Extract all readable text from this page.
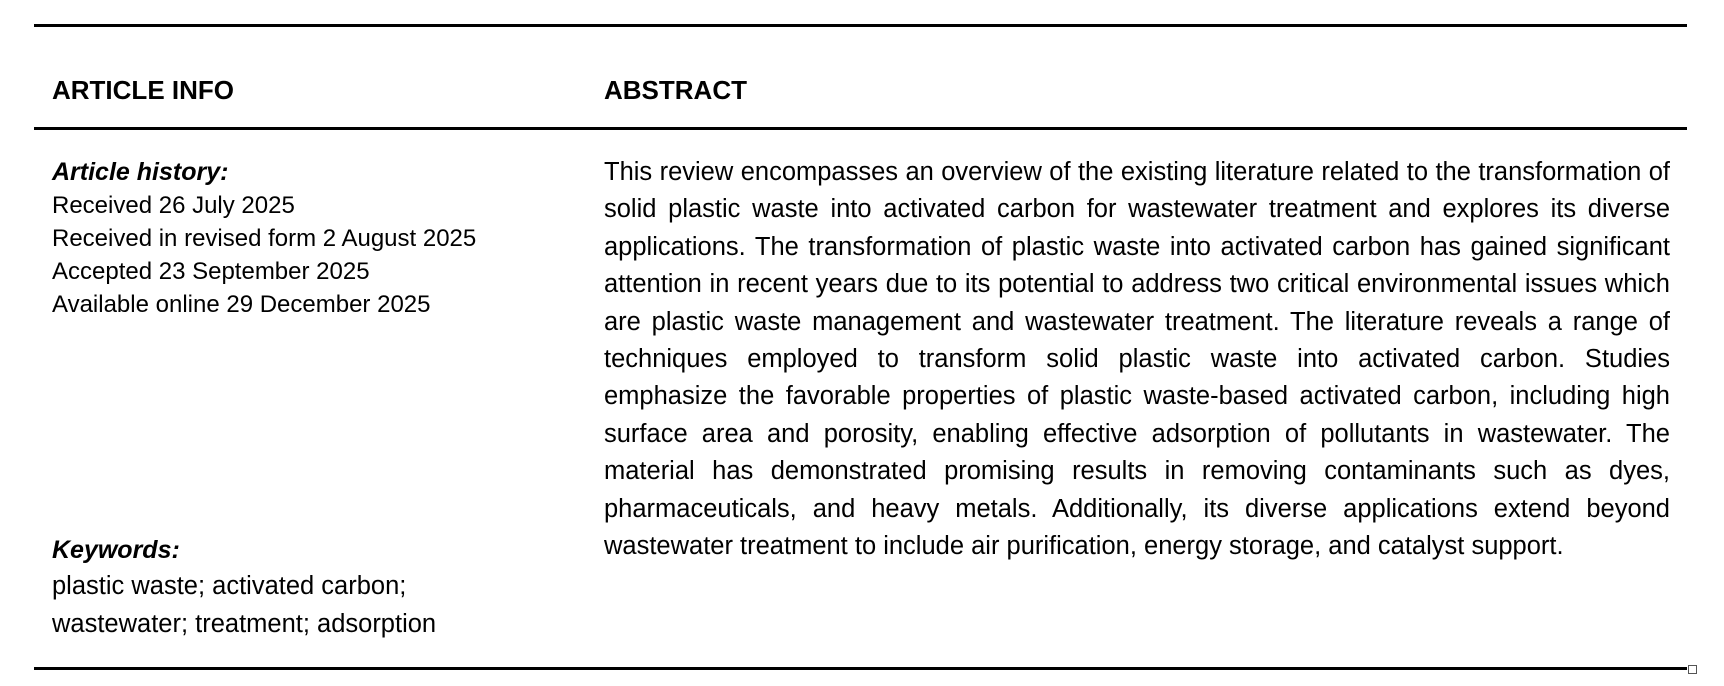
ARTICLE INFO	ABSTRACT
Article history:
Received 26 July 2025
Received in revised form 2 August 2025
Accepted 23 September 2025
Available online 29 December 2025
Keywords:
plastic waste; activated carbon; wastewater; treatment; adsorption

This review encompasses an overview of the existing literature related to the transformation of solid plastic waste into activated carbon for wastewater treatment and explores its diverse applications. The transformation of plastic waste into activated carbon has gained significant attention in recent years due to its potential to address two critical environmental issues which are plastic waste management and wastewater treatment. The literature reveals a range of techniques employed to transform solid plastic waste into activated carbon. Studies emphasize the favorable properties of plastic waste-based activated carbon, including high surface area and porosity, enabling effective adsorption of pollutants in wastewater. The material has demonstrated promising results in removing contaminants such as dyes, pharmaceuticals, and heavy metals. Additionally, its diverse applications extend beyond wastewater treatment to include air purification, energy storage, and catalyst support.
